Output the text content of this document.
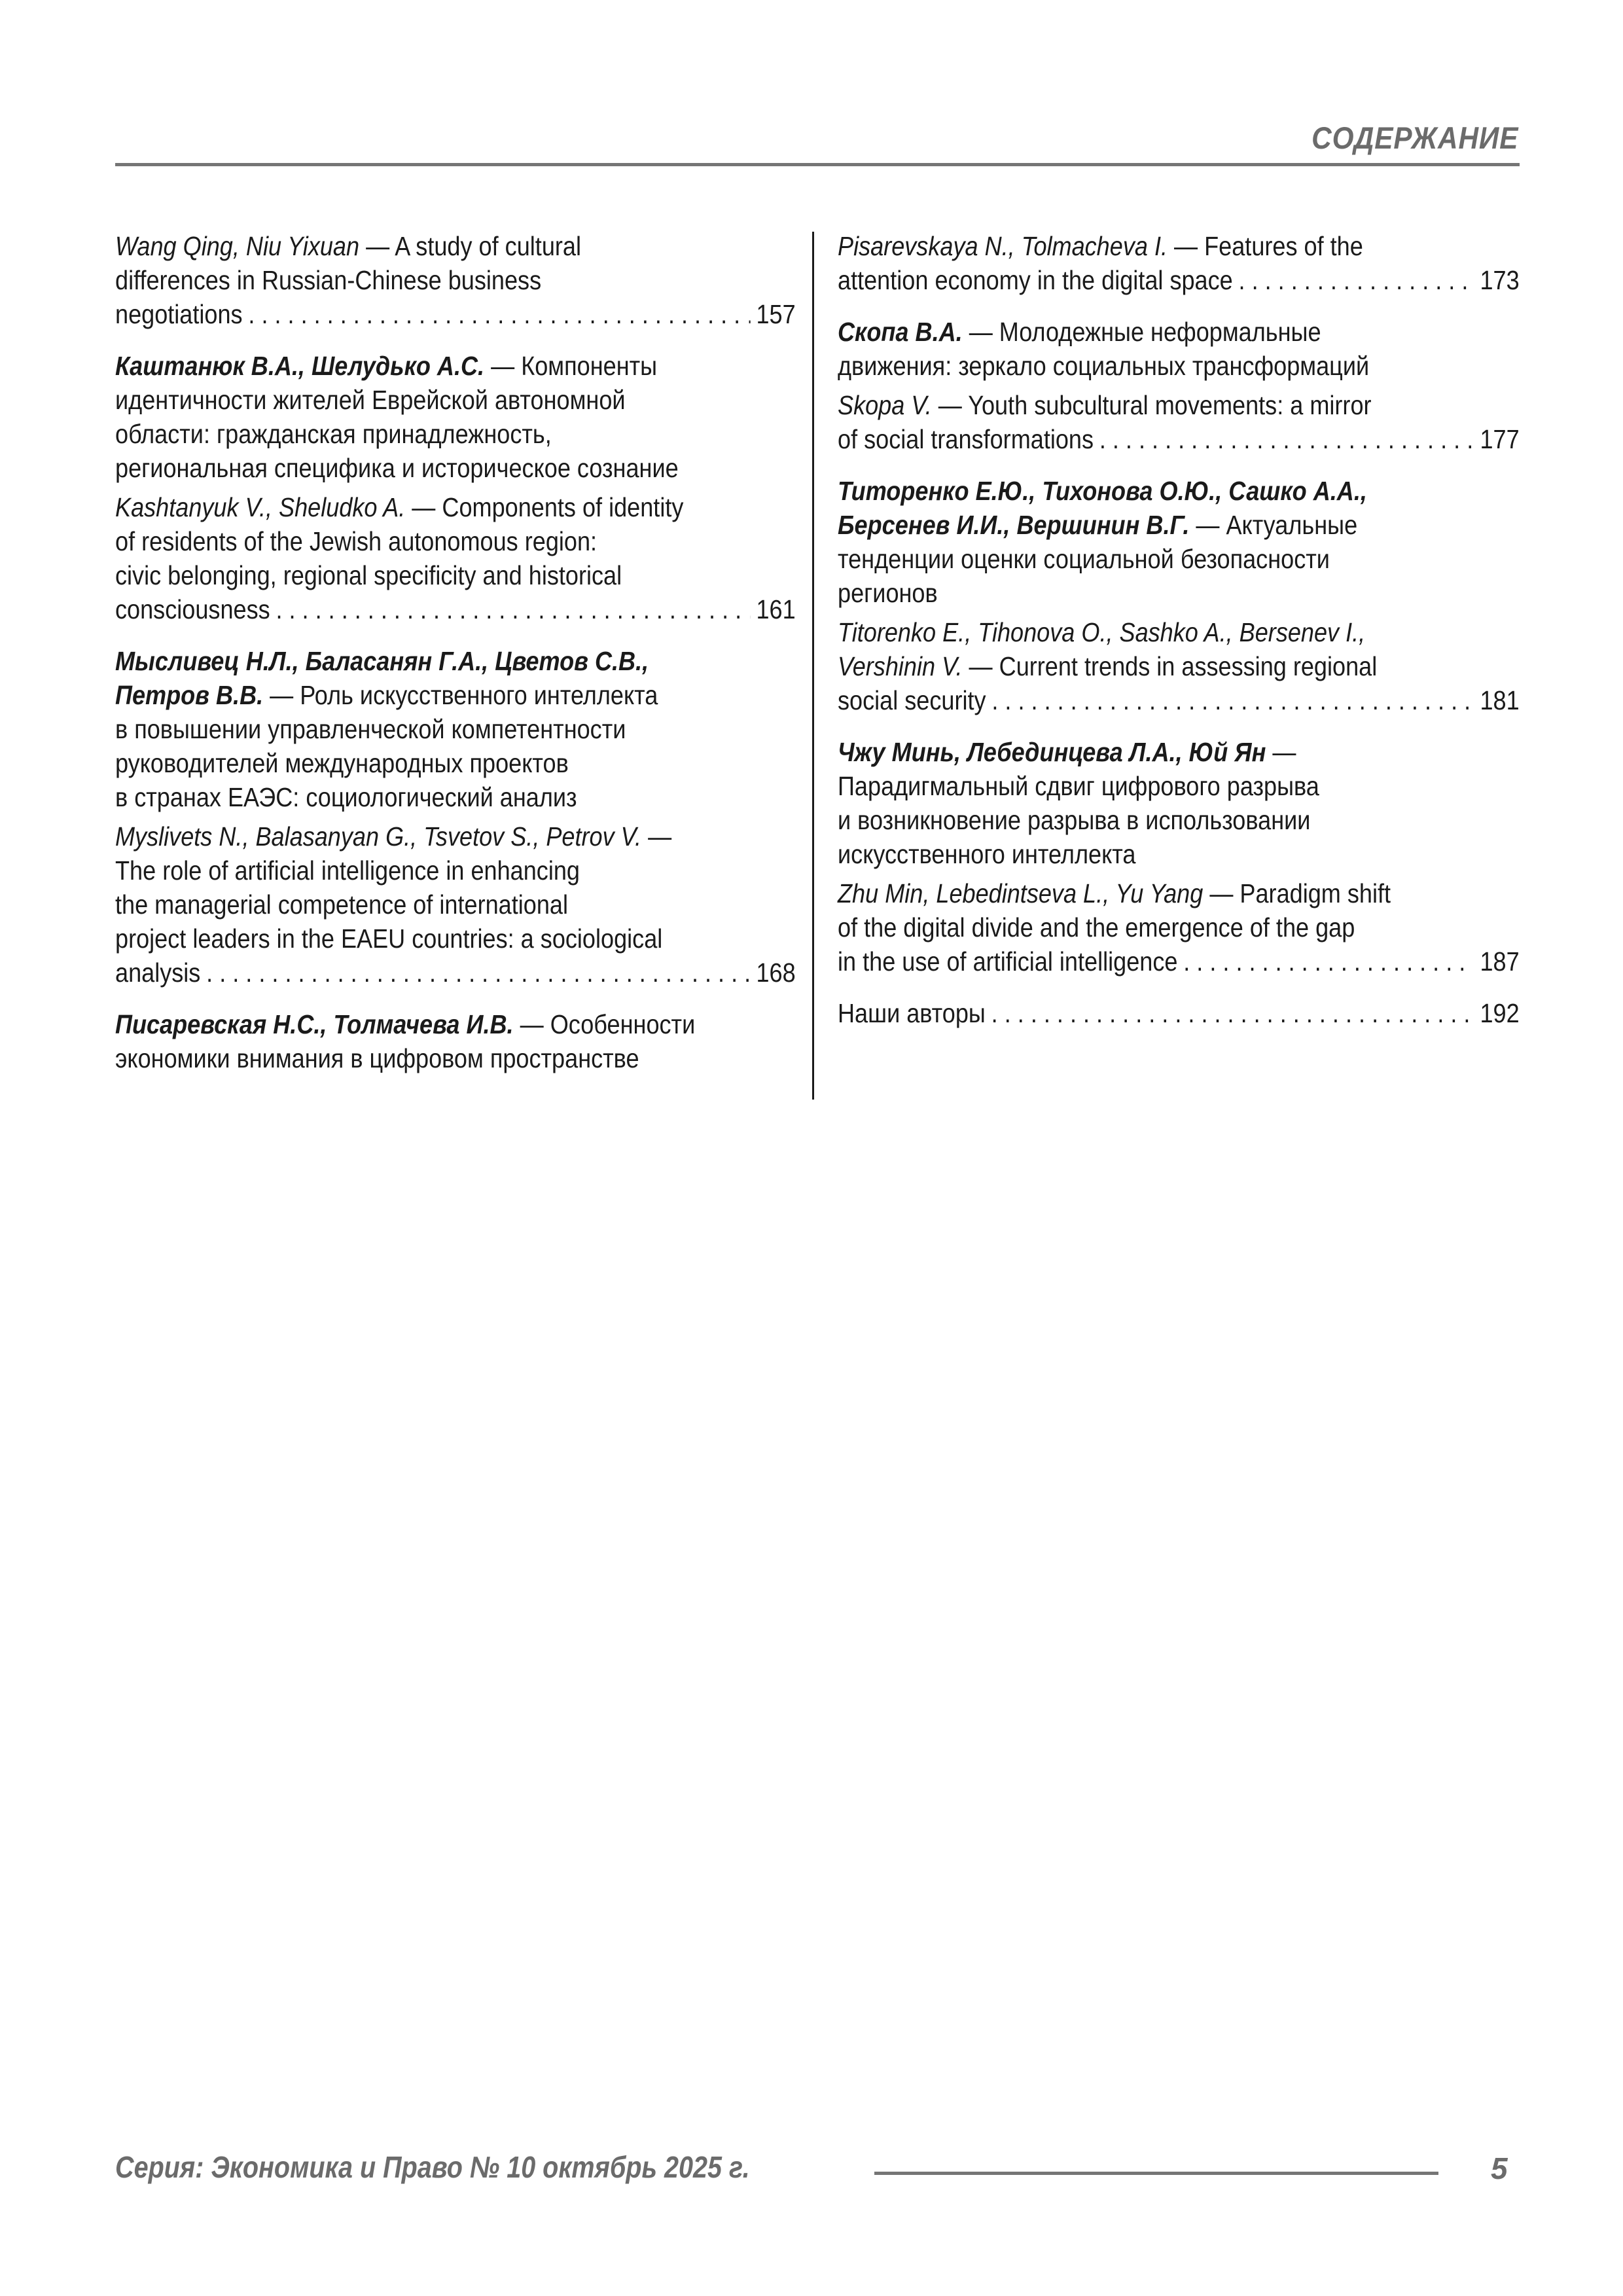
СОДЕРЖАНИЕ
Wang Qing, Niu Yixuan — A study of cultural
differences in Russian-Chinese business
negotiations . . .	157
Каштанюк В.А., Шелудько А.С. — Компоненты
идентичности жителей Еврейской автономной
области: гражданская принадлежность,
региональная специфика и историческое сознание
Kashtanyuk V., Sheludko A. — Components of identity
of residents of the Jewish autonomous region:
civic belonging, regional specificity and historical
consciousness . . .	161
Мысливец Н.Л., Баласанян Г.А., Цветов С.В.,
Петров В.В. — Роль искусственного интеллекта
в повышении управленческой компетентности
руководителей международных проектов
в странах ЕАЭС: социологический анализ
Myslivets N., Balasanyan G., Tsvetov S., Petrov V. —
The role of artificial intelligence in enhancing
the managerial competence of international
project leaders in the EAEU countries: a sociological
analysis . . .	168
Писаревская Н.С., Толмачева И.В. — Особенности
экономики внимания в цифровом пространстве
Pisarevskaya N., Tolmacheva I. — Features of the
attention economy in the digital space . . .	173
Скопа В.А. — Молодежные неформальные
движения: зеркало социальных трансформаций
Skopa V. — Youth subcultural movements: a mirror
of social transformations . . .	177
Титоренко Е.Ю., Тихонова О.Ю., Сашко А.А.,
Берсенев И.И., Вершинин В.Г. — Актуальные
тенденции оценки социальной безопасности
регионов
Titorenko E., Tihonova O., Sashko A., Bersenev I.,
Vershinin V. — Current trends in assessing regional
social security . . .	181
Чжу Минь, Лебединцева Л.А., Юй Ян —
Парадигмальный сдвиг цифрового разрыва
и возникновение разрыва в использовании
искусственного интеллекта
Zhu Min, Lebedintseva L., Yu Yang — Paradigm shift
of the digital divide and the emergence of the gap
in the use of artificial intelligence . . .	187
Наши авторы . . .	192
Серия: Экономика и Право № 10 октябрь 2025 г.	5
